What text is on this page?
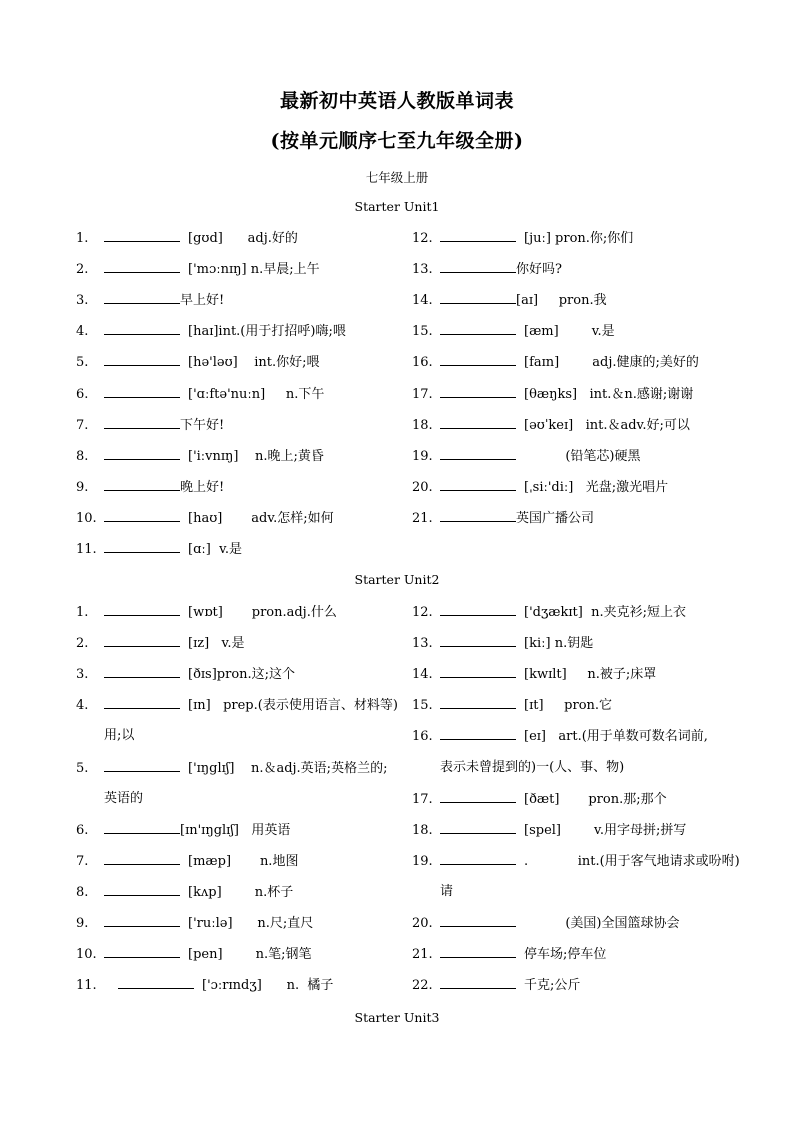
最新初中英语人教版单词表
(按单元顺序七至九年级全册)
七年级上册
Starter Unit1
Starter Unit2
Starter Unit3
1.	[gʊd]      adj.好的
2.	['mɔːnɪŋ] n.早晨;上午
3.	早上好!
4.	[haɪ]int.(用于打招呼)嗨;喂
5.	[hə'ləʊ]    int.你好;喂
6.	['ɑːftə'nuːn]     n.下午
7.	下午好!
8.	['iːvnɪŋ]    n.晚上;黄昏
9.	晚上好!
10.	[haʊ]       adv.怎样;如何
11.	[ɑː]  v.是
12.	[juː] pron.你;你们
13.	你好吗?
14.	[aɪ]     pron.我
15.	[æm]        v.是
16.	[faɪn]        adj.健康的;美好的
17.	[θæŋks]   int.＆n.感谢;谢谢
18.	[əʊˈkeɪ]   int.＆adv.好;可以
19.	(铅笔芯)硬黑
20.	[ˌsiː'diː]   光盘;激光唱片
21.	英国广播公司
1.	[wɒt]       pron.adj.什么
2.	[ɪz]   v.是
3.	[ðɪs]pron.这;这个
4.	[ɪn]   prep.(表示使用语言、材料等)
用;以
5.	['ɪŋglɪʃ]    n.＆adj.英语;英格兰的;
英语的
6.	[ɪn'ɪŋglɪʃ]   用英语
7.	[mæp]       n.地图
8.	[kʌp]        n.杯子
9.	['ruːlə]      n.尺;直尺
10.	[pen]        n.笔;钢笔
11.	['ɔːrɪndʒ]      n.  橘子
12.	['dʒækɪt]  n.夹克衫;短上衣
13.	[kiː] n.钥匙
14.	[kwɪlt]     n.被子;床罩
15.	[ɪt]     pron.它
16.	[eɪ]   art.(用于单数可数名词前,
表示未曾提到的)一(人、事、物)
17.	[ðæt]       pron.那;那个
18.	[spel]        v.用字母拼;拼写
19.	.            int.(用于客气地请求或吩咐)
请
20.	(美国)全国篮球协会
21.	停车场;停车位
22.	千克;公斤
